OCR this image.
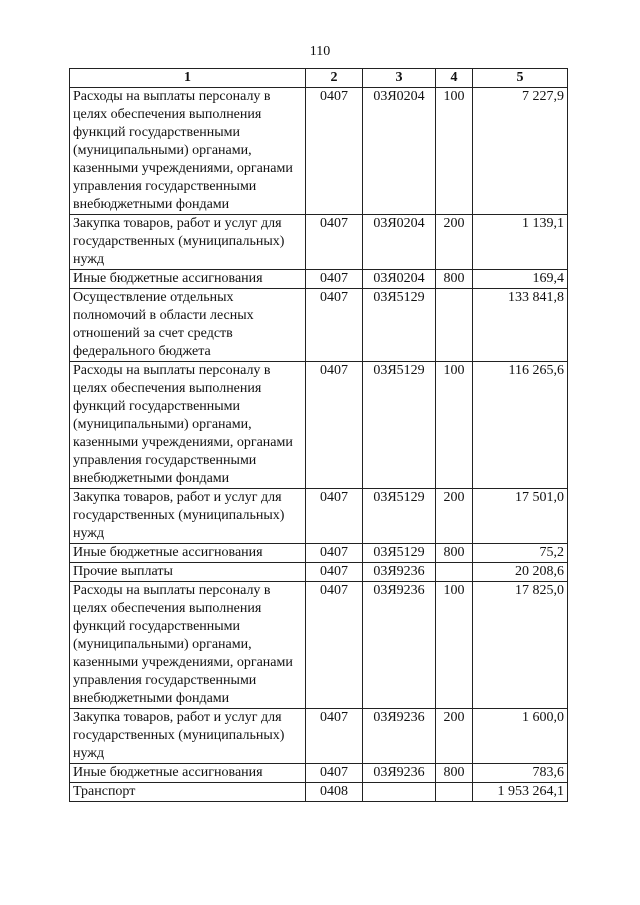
110
1	2	3	4	5
Расходы на выплаты персоналу в целях обеспечения выполнения функций государственными (муниципальными) органами, казенными учреждениями, органами управления государственными внебюджетными фондами	0407	03Я0204	100	7 227,9
Закупка товаров, работ и услуг для государственных (муниципальных) нужд	0407	03Я0204	200	1 139,1
Иные бюджетные ассигнования	0407	03Я0204	800	169,4
Осуществление отдельных полномочий в области лесных отношений за счет средств федерального бюджета	0407	03Я5129		133 841,8
Расходы на выплаты персоналу в целях обеспечения выполнения функций государственными (муниципальными) органами, казенными учреждениями, органами управления государственными внебюджетными фондами	0407	03Я5129	100	116 265,6
Закупка товаров, работ и услуг для государственных (муниципальных) нужд	0407	03Я5129	200	17 501,0
Иные бюджетные ассигнования	0407	03Я5129	800	75,2
Прочие выплаты	0407	03Я9236		20 208,6
Расходы на выплаты персоналу в целях обеспечения выполнения функций государственными (муниципальными) органами, казенными учреждениями, органами управления государственными внебюджетными фондами	0407	03Я9236	100	17 825,0
Закупка товаров, работ и услуг для государственных (муниципальных) нужд	0407	03Я9236	200	1 600,0
Иные бюджетные ассигнования	0407	03Я9236	800	783,6
Транспорт	0408			1 953 264,1
